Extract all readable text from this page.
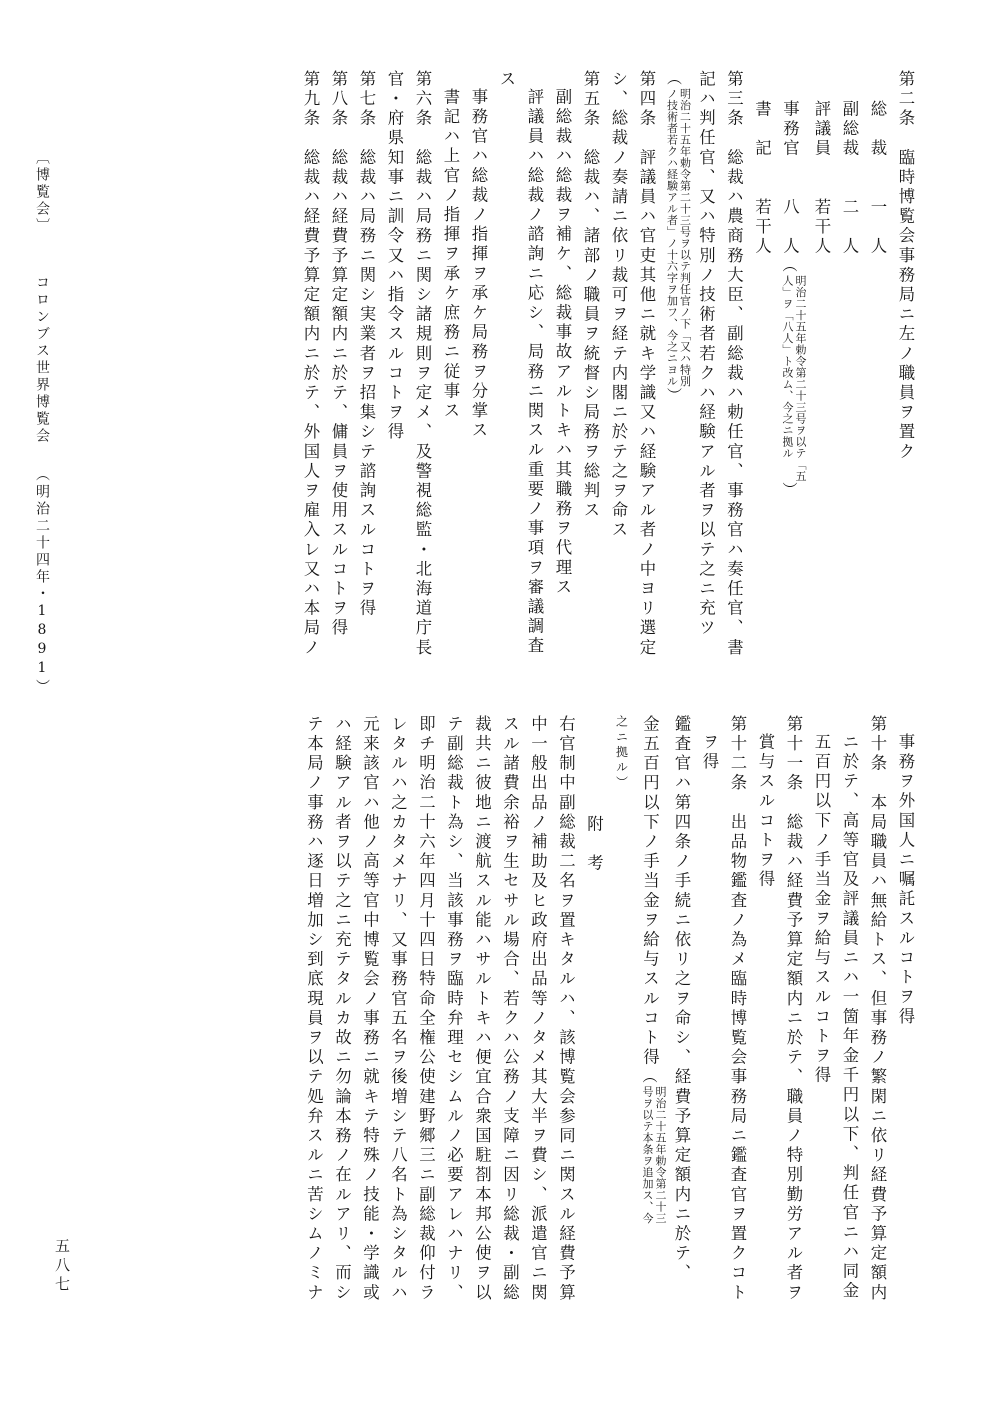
第二条　臨時博覧会事務局ニ左ノ職員ヲ置ク
総　裁　　一　人
副総裁　　二　人
評議員　　若干人
事務官　　八　人（
明治二十五年勅令第二十三号ヲ以テ「五
人」ヲ「八人」ト改ム、今之ニ拠ル
）
書　記　　若干人
第三条　総裁ハ農商務大臣、副総裁ハ勅任官、事務官ハ奏任官、書
記ハ判任官、又ハ特別ノ技術者若クハ経験アル者ヲ以テ之ニ充ツ
（
明治二十五年勅令第二十三号ヲ以テ判任官ノ下「又ハ特別
ノ技術者若クハ経験アル者」ノ十六字ヲ加フ、今之ニヨル
）
第四条　評議員ハ官吏其他ニ就キ学識又ハ経験アル者ノ中ヨリ選定
シ、総裁ノ奏請ニ依リ裁可ヲ経テ内閣ニ於テ之ヲ命ス
第五条　総裁ハ、諸部ノ職員ヲ統督シ局務ヲ総判ス
副総裁ハ総裁ヲ補ケ、総裁事故アルトキハ其職務ヲ代理ス
評議員ハ総裁ノ諮詢ニ応シ、局務ニ関スル重要ノ事項ヲ審議調査
ス
事務官ハ総裁ノ指揮ヲ承ケ局務ヲ分掌ス
書記ハ上官ノ指揮ヲ承ケ庶務ニ従事ス
第六条　総裁ハ局務ニ関シ諸規則ヲ定メ、及警視総監・北海道庁長
官・府県知事ニ訓令又ハ指令スルコトヲ得
第七条　総裁ハ局務ニ関シ実業者ヲ招集シテ諮詢スルコトヲ得
第八条　総裁ハ経費予算定額内ニ於テ、傭員ヲ使用スルコトヲ得
第九条　総裁ハ経費予算定額内ニ於テ、外国人ヲ雇入レ又ハ本局ノ
事務ヲ外国人ニ嘱託スルコトヲ得
第十条　本局職員ハ無給トス、但事務ノ繁閑ニ依リ経費予算定額内
ニ於テ、高等官及評議員ニハ一箇年金千円以下、判任官ニハ同金
五百円以下ノ手当金ヲ給与スルコトヲ得
第十一条　総裁ハ経費予算定額内ニ於テ、職員ノ特別勤労アル者ヲ
賞与スルコトヲ得
第十二条　出品物鑑査ノ為メ臨時博覧会事務局ニ鑑査官ヲ置クコト
ヲ得
鑑査官ハ第四条ノ手続ニ依リ之ヲ命シ、経費予算定額内ニ於テ、
金五百円以下ノ手当金ヲ給与スルコト得（
明治二十五年勅令第二十三
号ヲ以テ本条ヲ追加ス、今
之ニ拠ル）
附　考
右官制中副総裁二名ヲ置キタルハ、該博覧会参同ニ関スル経費予算
中一般出品ノ補助及ヒ政府出品等ノタメ其大半ヲ費シ、派遣官ニ関
スル諸費余裕ヲ生セサル場合、若クハ公務ノ支障ニ因リ総裁・副総
裁共ニ彼地ニ渡航スル能ハサルトキハ便宜合衆国駐剳本邦公使ヲ以
テ副総裁ト為シ、当該事務ヲ臨時弁理セシムルノ必要アレハナリ、
即チ明治二十六年四月十四日特命全権公使建野郷三ニ副総裁仰付ラ
レタルハ之カタメナリ、又事務官五名ヲ後増シテ八名ト為シタルハ
元来該官ハ他ノ高等官中博覧会ノ事務ニ就キテ特殊ノ技能・学識或
ハ経験アル者ヲ以テ之ニ充テタルカ故ニ勿論本務ノ在ルアリ、而シ
テ本局ノ事務ハ逐日増加シ到底現員ヲ以テ処弁スルニ苦シムノミナ
〔博覧会〕コロンブス世界博覧会（明治二十四年・1891）
五八七
